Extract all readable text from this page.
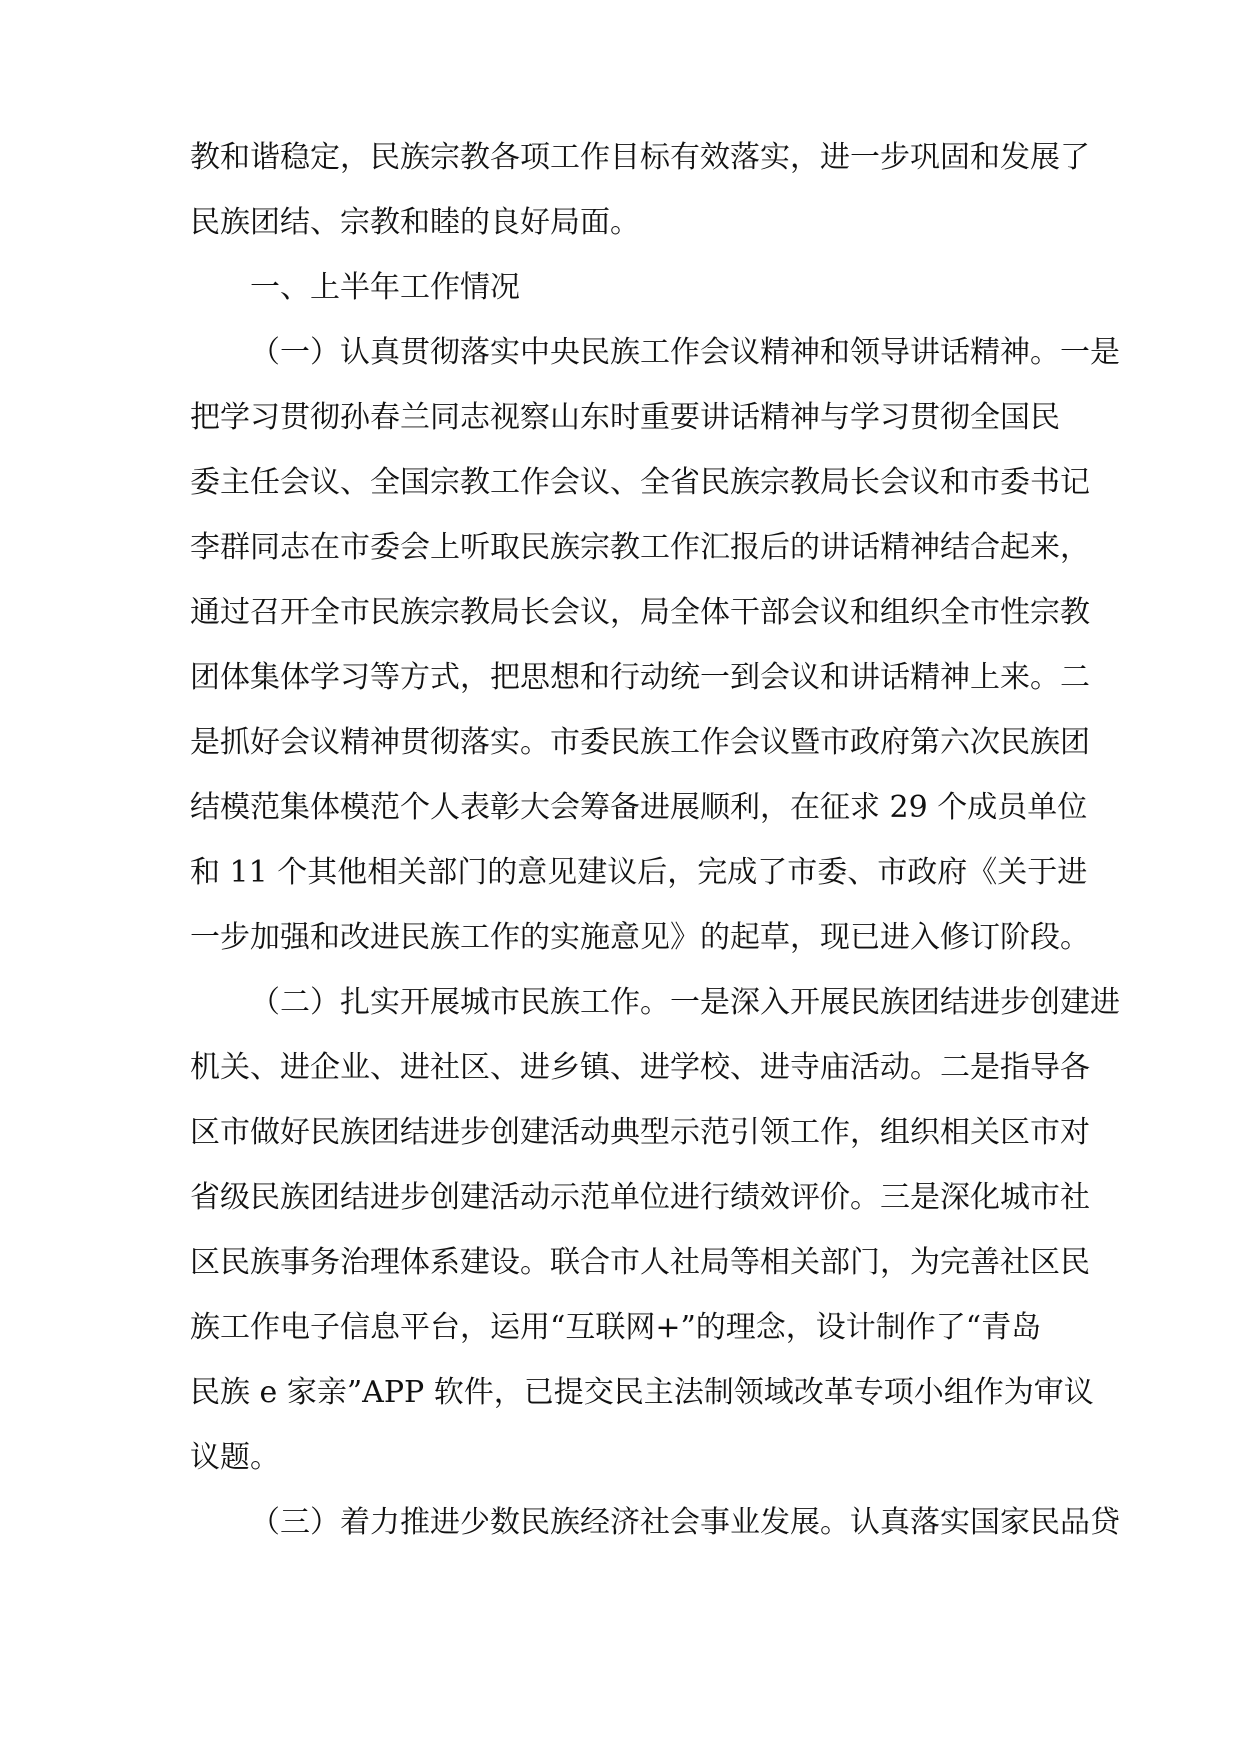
教和谐稳定，民族宗教各项工作目标有效落实，进一步巩固和发展了
民族团结、宗教和睦的良好局面。
一、上半年工作情况
（一）认真贯彻落实中央民族工作会议精神和领导讲话精神。一是
把学习贯彻孙春兰同志视察山东时重要讲话精神与学习贯彻全国民
委主任会议、全国宗教工作会议、全省民族宗教局长会议和市委书记
李群同志在市委会上听取民族宗教工作汇报后的讲话精神结合起来，
通过召开全市民族宗教局长会议，局全体干部会议和组织全市性宗教
团体集体学习等方式，把思想和行动统一到会议和讲话精神上来。二
是抓好会议精神贯彻落实。市委民族工作会议暨市政府第六次民族团
结模范集体模范个人表彰大会筹备进展顺利，在征求 29 个成员单位
和 11 个其他相关部门的意见建议后，完成了市委、市政府《关于进
一步加强和改进民族工作的实施意见》的起草，现已进入修订阶段。
（二）扎实开展城市民族工作。一是深入开展民族团结进步创建进
机关、进企业、进社区、进乡镇、进学校、进寺庙活动。二是指导各
区市做好民族团结进步创建活动典型示范引领工作，组织相关区市对
省级民族团结进步创建活动示范单位进行绩效评价。三是深化城市社
区民族事务治理体系建设。联合市人社局等相关部门，为完善社区民
族工作电子信息平台，运用“互联网+”的理念，设计制作了“青岛
民族 e 家亲”APP 软件，已提交民主法制领域改革专项小组作为审议
议题。
（三）着力推进少数民族经济社会事业发展。认真落实国家民品贷
